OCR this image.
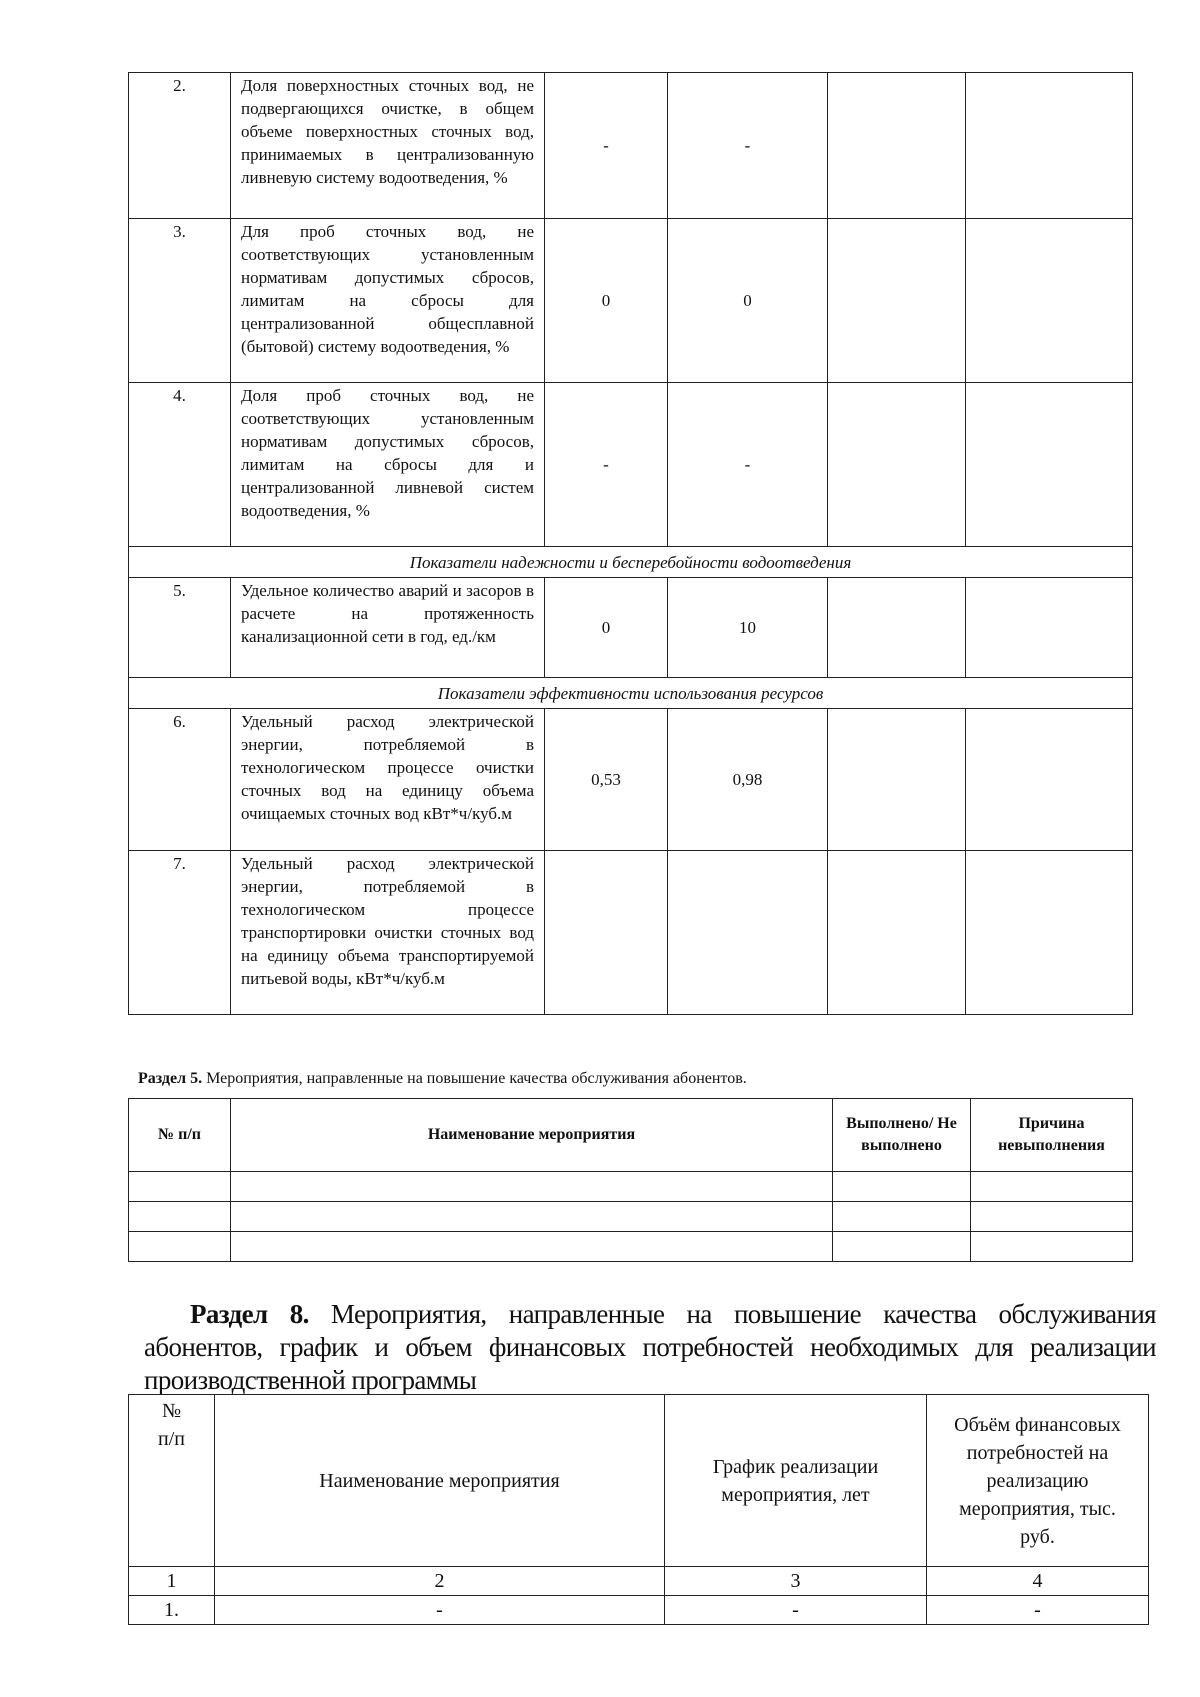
2.	Доля поверхностных сточных вод, не подвергающихся очистке, в общем объеме поверхностных сточных вод, принимаемых в централизованную ливневую систему водоотведения, %	-	-		
3.	Для проб сточных вод, не соответствующих установленным нормативам допустимых сбросов, лимитам на сбросы для централизованной общесплавной (бытовой) систему водоотведения, %	0	0		
4.	Доля проб сточных вод, не соответствующих установленным нормативам допустимых сбросов, лимитам на сбросы для и централизованной ливневой систем водоотведения, %	-	-		
Показатели надежности и бесперебойности водоотведения					
5.	Удельное количество аварий и засоров в расчете на протяженность канализационной сети в год, ед./км	0	10		
Показатели эффективности использования ресурсов					
6.	Удельный расход электрической энергии, потребляемой в технологическом процессе очистки сточных вод на единицу объема очищаемых сточных вод кВт*ч/куб.м	0,53	0,98		
7.	Удельный расход электрической энергии, потребляемой в технологическом процессе транспортировки очистки сточных вод на единицу объема транспортируемой питьевой воды, кВт*ч/куб.м				
Раздел 5. Мероприятия, направленные на повышение качества обслуживания абонентов.
№ п/п	Наименование мероприятия	Выполнено/ Не выполнено	Причина невыполнения

Раздел 8. Мероприятия, направленные на повышение качества обслуживания абонентов, график и объем финансовых потребностей необходимых для реализации производственной программы
№ п/п	Наименование мероприятия	График реализации мероприятия, лет	Объём финансовых потребностей на реализацию мероприятия, тыс. руб.

1	2	3	4
1.	-	-	-
